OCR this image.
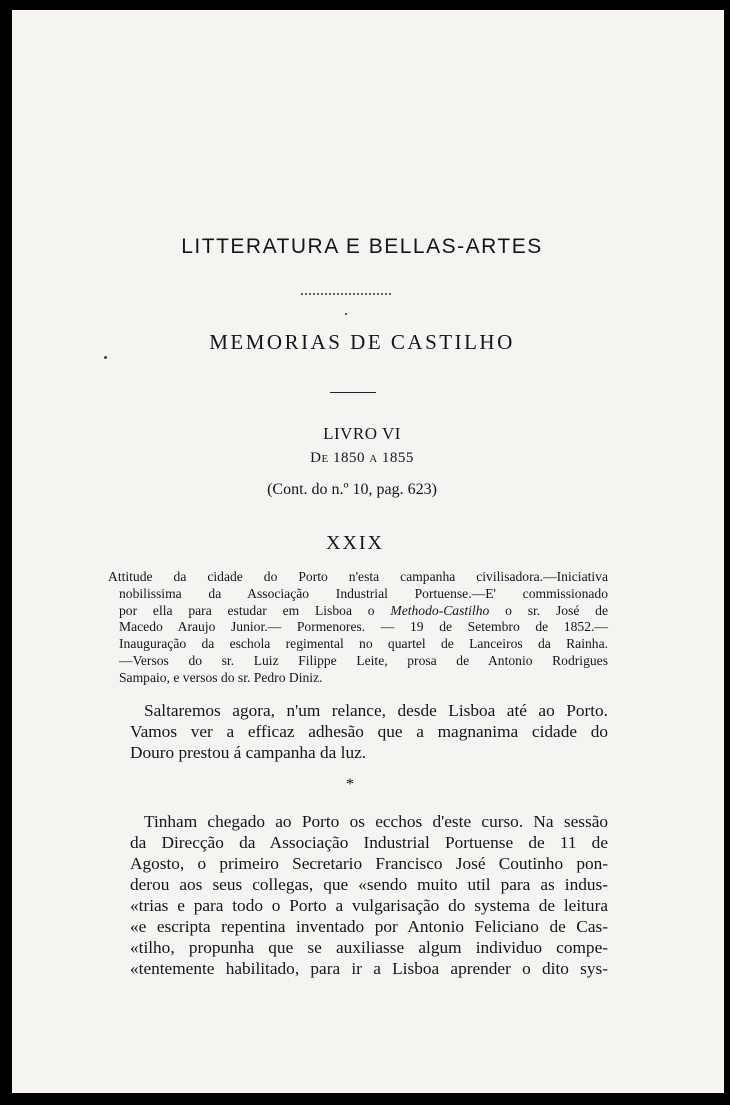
LITTERATURA E BELLAS-ARTES
MEMORIAS DE CASTILHO
LIVRO VI
DE 1850 A 1855
(Cont. do n.º 10, pag. 623)
XXIX
Attitude da cidade do Porto n'esta campanha civilisadora.—Iniciativa
nobilissima da Associação Industrial Portuense.—E' commissionado
por ella para estudar em Lisboa o Methodo-Castilho o sr. José de
Macedo Araujo Junior.— Pormenores. — 19 de Setembro de 1852.—
Inauguração da eschola regimental no quartel de Lanceiros da Rainha.
—Versos do sr. Luiz Filippe Leite, prosa de Antonio Rodrigues
Sampaio, e versos do sr. Pedro Diniz.
Saltaremos agora, n'um relance, desde Lisboa até ao Porto.
Vamos ver a efficaz adhesão que a magnanima cidade do
Douro prestou á campanha da luz.
*
Tinham chegado ao Porto os ecchos d'este curso. Na sessão
da Direcção da Associação Industrial Portuense de 11 de
Agosto, o primeiro Secretario Francisco José Coutinho pon-
derou aos seus collegas, que «sendo muito util para as indus-
«trias e para todo o Porto a vulgarisação do systema de leitura
«e escripta repentina inventado por Antonio Feliciano de Cas-
«tilho, propunha que se auxiliasse algum individuo compe-
«tentemente habilitado, para ir a Lisboa aprender o dito sys-
